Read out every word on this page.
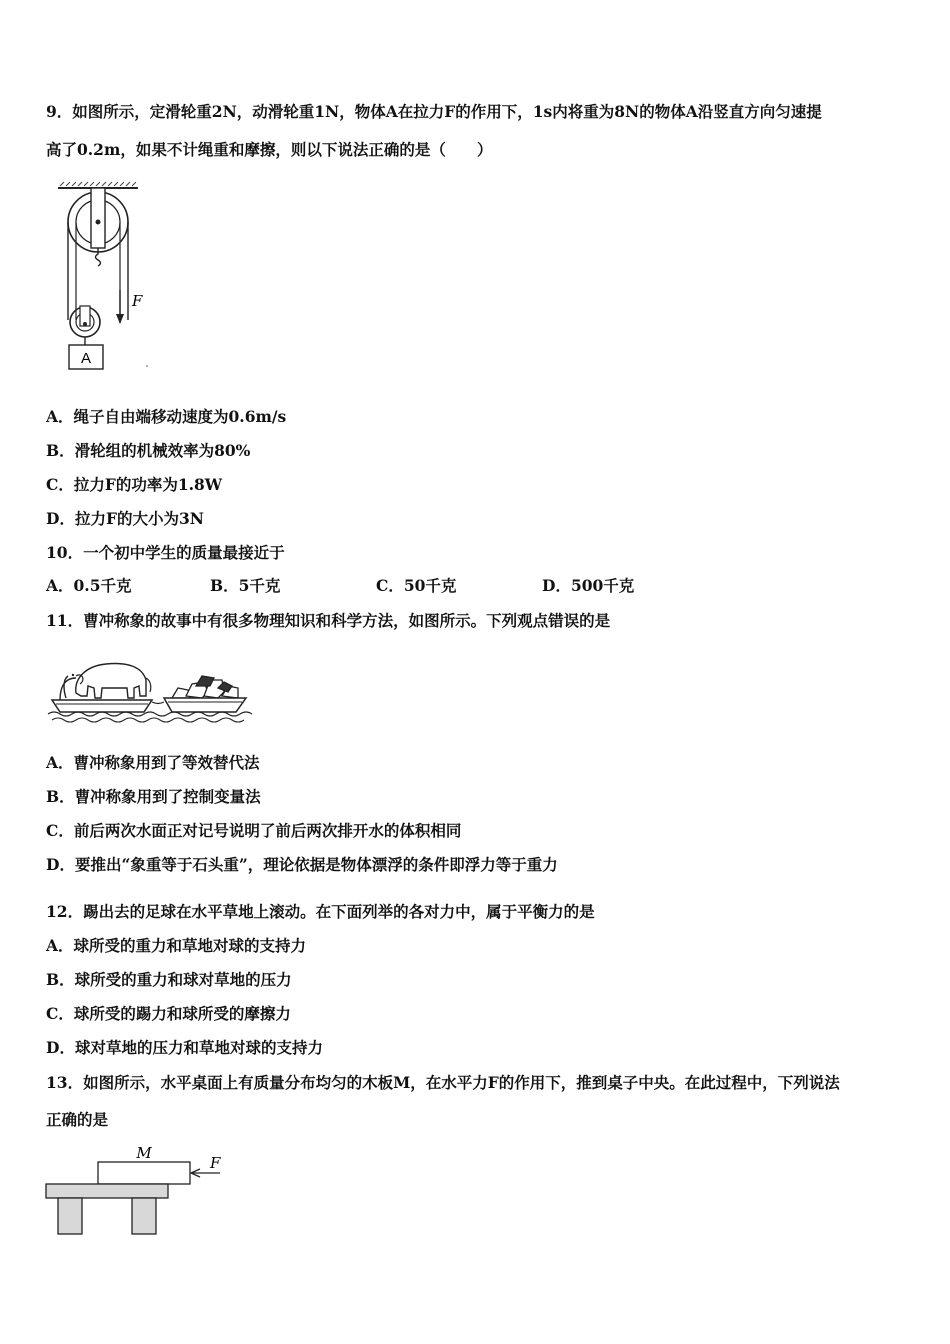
9．如图所示，定滑轮重2N，动滑轮重1N，物体A在拉力F的作用下，1s内将重为8N的物体A沿竖直方向匀速提
高了0.2m，如果不计绳重和摩擦，则以下说法正确的是（　　）
A
F
A．绳子自由端移动速度为0.6m/s
B．滑轮组的机械效率为80%
C．拉力F的功率为1.8W
D．拉力F的大小为3N
10．一个初中学生的质量最接近于
A．0.5千克	B．5千克	C．50千克	D．500千克
11．曹冲称象的故事中有很多物理知识和科学方法，如图所示。下列观点错误的是
A．曹冲称象用到了等效替代法
B．曹冲称象用到了控制变量法
C．前后两次水面正对记号说明了前后两次排开水的体积相同
D．要推出“象重等于石头重”，理论依据是物体漂浮的条件即浮力等于重力
12．踢出去的足球在水平草地上滚动。在下面列举的各对力中，属于平衡力的是
A．球所受的重力和草地对球的支持力
B．球所受的重力和球对草地的压力
C．球所受的踢力和球所受的摩擦力
D．球对草地的压力和草地对球的支持力
13．如图所示，水平桌面上有质量分布均匀的木板M，在水平力F的作用下，推到桌子中央。在此过程中，下列说法
正确的是
M
F
